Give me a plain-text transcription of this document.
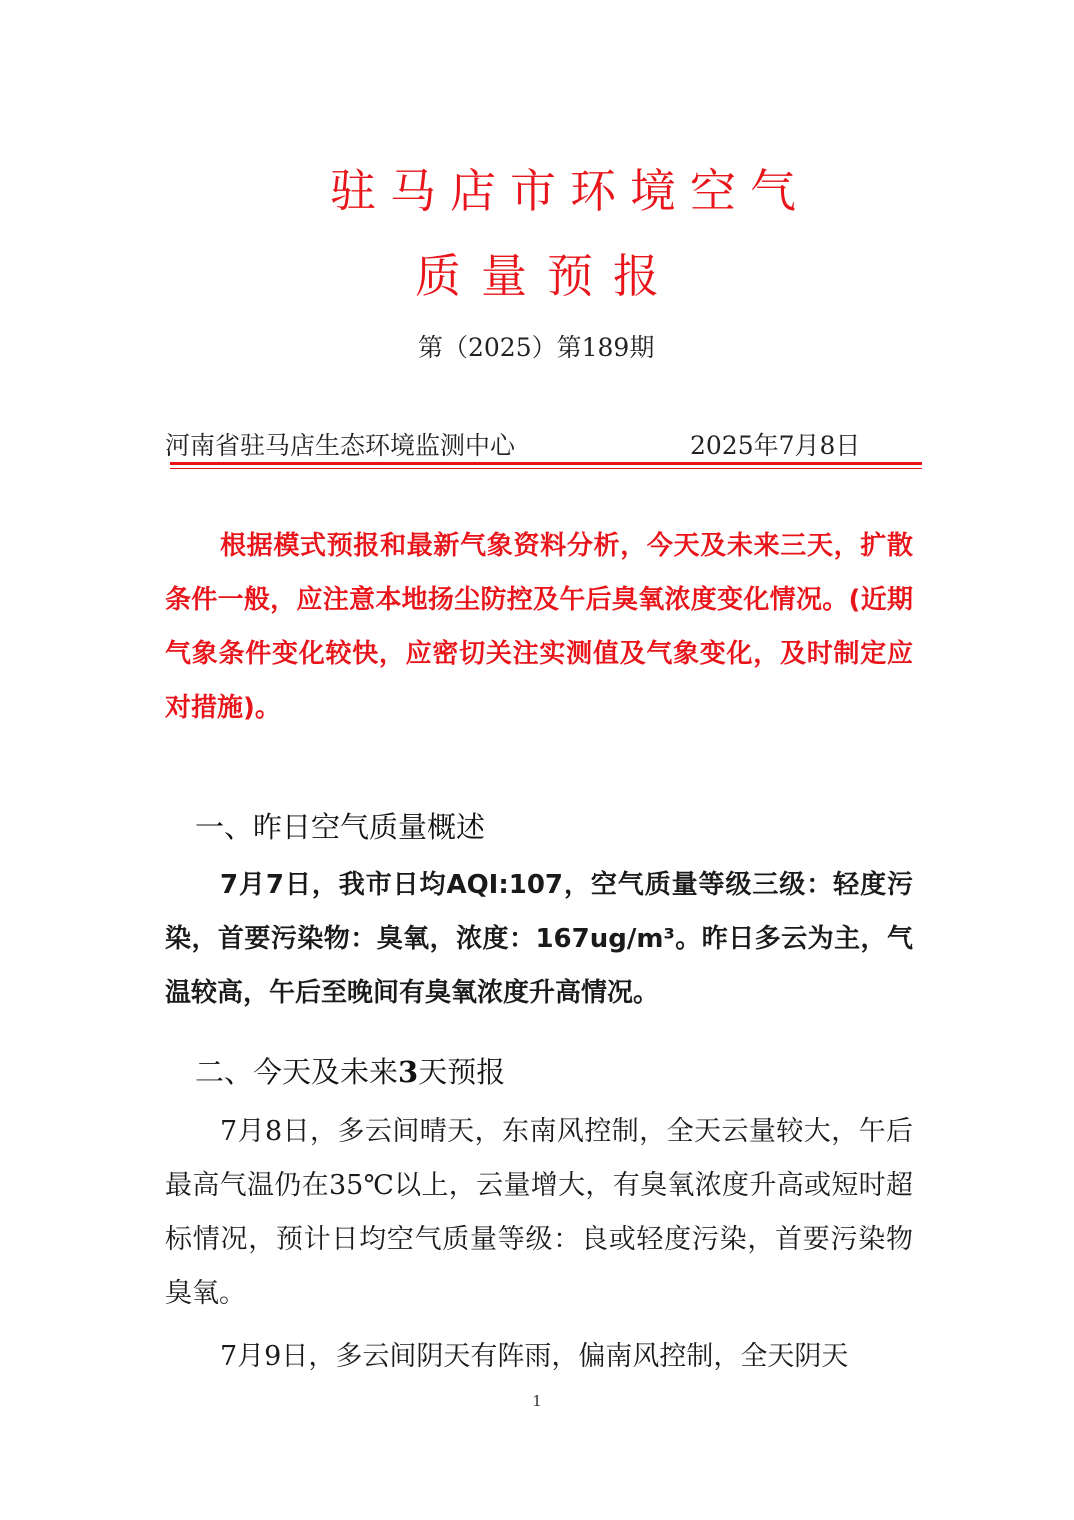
驻马店市环境空气
质量预报
第（2025）第189期
河南省驻马店生态环境监测中心	2025年7月8日

根据模式预报和最新气象资料分析，今天及未来三天，扩散条件一般，应注意本地扬尘防控及午后臭氧浓度变化情况。(近期气象条件变化较快，应密切关注实测值及气象变化，及时制定应对措施)。

一、昨日空气质量概述

7月7日，我市日均AQI:107，空气质量等级三级：轻度污染，首要污染物：臭氧，浓度：167ug/m³。昨日多云为主，气温较高，午后至晚间有臭氧浓度升高情况。

二、今天及未来3天预报

7月8日，多云间晴天，东南风控制，全天云量较大，午后最高气温仍在35℃以上，云量增大，有臭氧浓度升高或短时超标情况，预计日均空气质量等级：良或轻度污染，首要污染物臭氧。

7月9日，多云间阴天有阵雨，偏南风控制，全天阴天

1
